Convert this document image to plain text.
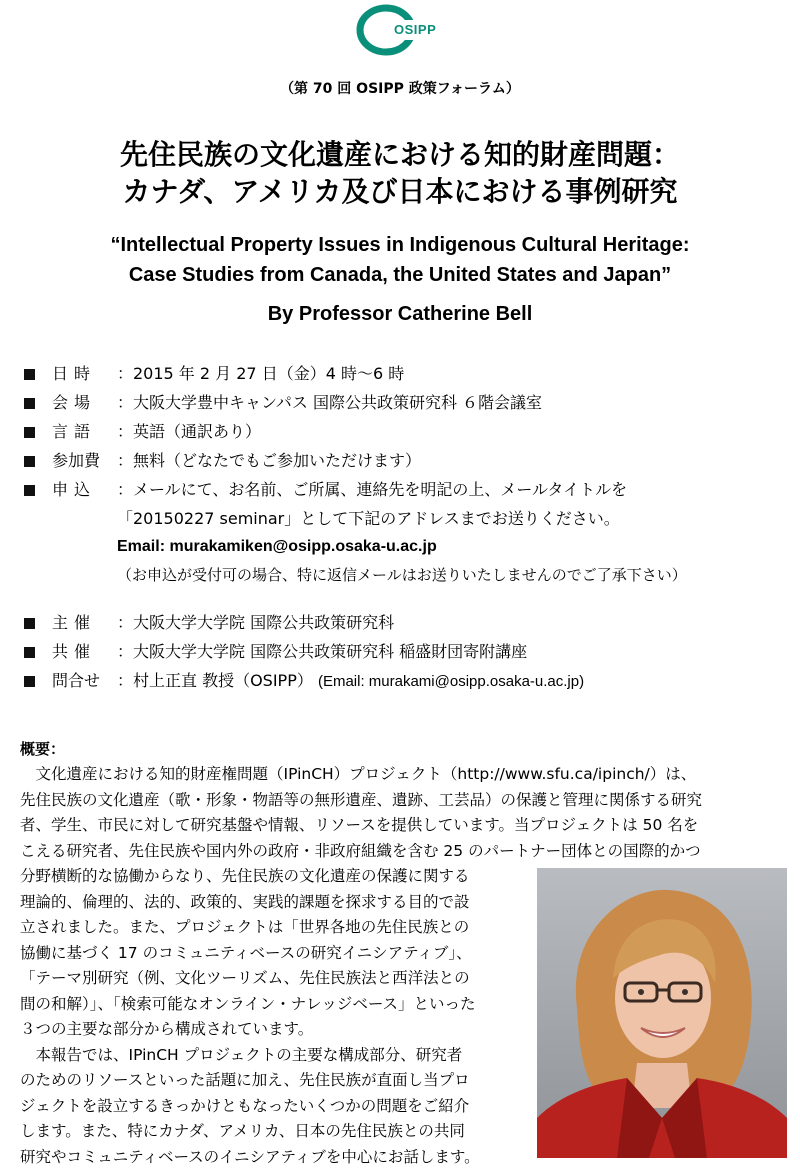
OSIPP
（第 70 回 OSIPP 政策フォーラム）
先住民族の文化遺産における知的財産問題：
カナダ、アメリカ及び日本における事例研究
“Intellectual Property Issues in Indigenous Cultural Heritage:
Case Studies from Canada, the United States and Japan”
By Professor Catherine Bell
日時 ：2015 年 2 月 27 日（金）4 時～6 時
会場 ：大阪大学豊中キャンパス 国際公共政策研究科 ６階会議室
言語 ：英語（通訳あり）
参加費 ：無料（どなたでもご参加いただけます）
申込 ：メールにて、お名前、ご所属、連絡先を明記の上、メールタイトルを
「20150227 seminar」として下記のアドレスまでお送りください。
Email: murakamiken@osipp.osaka-u.ac.jp
（お申込が受付可の場合、特に返信メールはお送りいたしませんのでご了承下さい）
主催 ：大阪大学大学院 国際公共政策研究科
共催 ：大阪大学大学院 国際公共政策研究科 稲盛財団寄附講座
問合せ ：村上正直 教授（OSIPP） (Email: murakami@osipp.osaka-u.ac.jp)
概要：
　文化遺産における知的財産権問題（IPinCH）プロジェクト（http://www.sfu.ca/ipinch/）は、
先住民族の文化遺産（歌・形象・物語等の無形遺産、遺跡、工芸品）の保護と管理に関係する研究
者、学生、市民に対して研究基盤や情報、リソースを提供しています。当プロジェクトは 50 名を
こえる研究者、先住民族や国内外の政府・非政府組織を含む 25 のパートナー団体との国際的かつ
分野横断的な協働からなり、先住民族の文化遺産の保護に関する
理論的、倫理的、法的、政策的、実践的課題を探求する目的で設
立されました。また、プロジェクトは「世界各地の先住民族との
協働に基づく 17 のコミュニティベースの研究イニシアティブ」、
「テーマ別研究（例、文化ツーリズム、先住民族法と西洋法との
間の和解）」、「検索可能なオンライン・ナレッジベース」といった
３つの主要な部分から構成されています。
　本報告では、IPinCH プロジェクトの主要な構成部分、研究者
のためのリソースといった話題に加え、先住民族が直面し当プロ
ジェクトを設立するきっかけともなったいくつかの問題をご紹介
します。また、特にカナダ、アメリカ、日本の先住民族との共同
研究やコミュニティベースのイニシアティブを中心にお話します。
